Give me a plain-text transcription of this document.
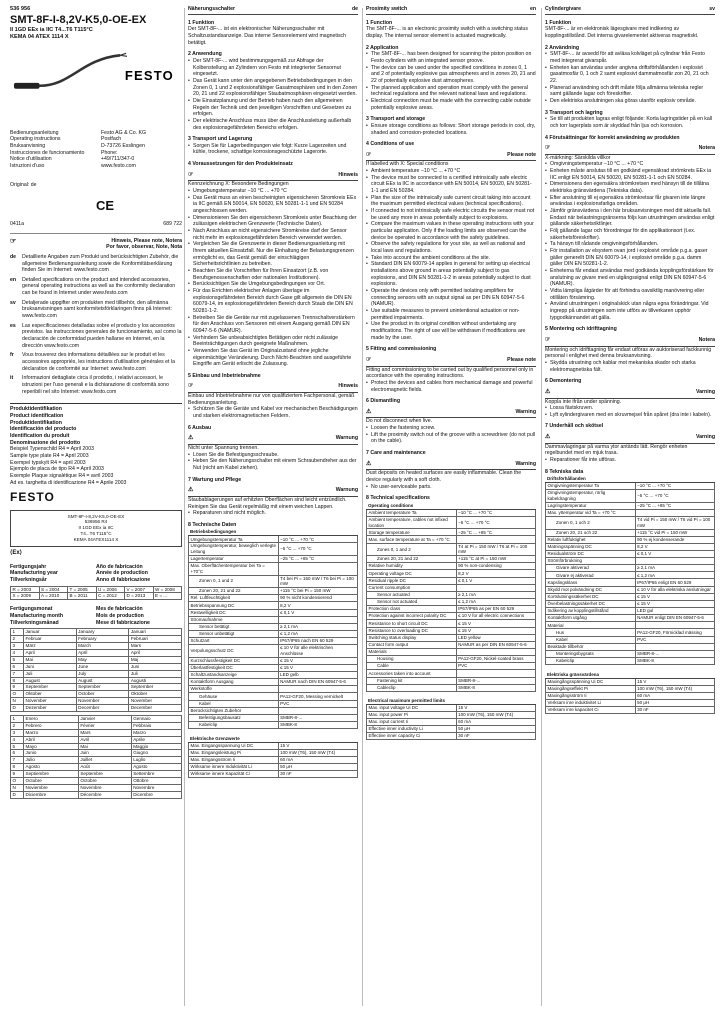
536 956
SMT-8F-I-8,2V-K5,0-OE-EX
II 1GD EEx ia IIC T4...T6 T115°C
KEMA 04 ATEX 1114 X
FESTO
Bedienungsanleitung
Operating instructions
Bruksanvisning
Instrucciones de funcionamiento
Notice d'utilisation
Istruzioni d'uso
Festo AG & Co. KG
Postfach
D-73726 Esslingen
Phone:
+49/711/347-0
www.festo.com
Original: de
CE
0411a	689 722
☞	Hinweis, Please note, Notera
Por favor, observar, Note, Nota
de	Detaillierte Angaben zum Produkt und berücksichtigten Zubehör, die allgemeine Bedienungsanleitung sowie die Konformitätserklärung finden Sie im Internet: www.festo.com
en	Detailed specifications on the product and intended accessories, general operating instructions as well as the conformity declaration can be found in Internet under www.festo.com
sv	Detaljerade uppgifter om produkten med tillbehör, den allmänna bruksanvisningen samt konformitetsförklaringen finns på Internet: www.festo.com
es	Las especificaciones detalladas sobre el producto y los accesorios previstos. las instrucciones generales de funcionamiento, así como la declaración de conformidad pueden hallarse en Internet, en la dirección www.festo.com
fr	Vous trouverez des informations détaillées sur le produit et les accessoires appropriés, les instructions d'utilisation générales et la déclaration de conformité sur Internet: www.festo.com
it	Informazioni dettagliate circa il prodotto, i relativi accessori, le istruzioni per l'uso generali e la dichiarazione di conformità sono reperibili nel sito Internet: www.festo.com
Produktidentifikation
Product identification
Produktidentifikation
Identificación del producto
Identification du produit
Denominazione del prodotto
Beispiel Typenschild R4 = April 2003
Sample type plate R4 = April 2003
Exempel typskylt R4 = april 2003
Ejemplo de placa de tipo R4 = April 2003
Exemple Plaque signalétique R4 = avril 2003
Ad es. targhetta di identificazione R4 = Aprile 2003
FESTO
SMT-8F-I-8,2V-K5,0-OE-EX
536956 R4
II 1GD EEx ia IIC
T4...T6 T115°C
KEMA 04ATEX1114 X
⟨Ex⟩
Fertigungsjahr
Manufacturing year
Tillverkningsår
Año de fabricación
Année de production
Anno di fabbricazione
R = 2003	S = 2004	T = 2005	U = 2006	V = 2007	W = 2008
X = 2009	A = 2010	B = 2011	C = 2012	D = 2013	E = ...
Fertigungsmonat
Manufacturing month
Tillverkningsmånad
Mes de fabricación
Mois de production
Mese di fabbricazione
1	Januar	January	Januari
2	Februar	February	Februari
3	März	March	Mars
4	April	April	April
5	Mai	May	Maj
6	Juni	June	Juni
7	Juli	July	Juli
8	August	August	Augusti
9	September	September	September
O	Oktober	October	Oktober
N	November	November	November
D	Dezember	December	December
1	Enero	Janvier	Gennaio
2	Febrero	Février	Febbraio
3	Marzo	Mars	Marzo
4	Abril	Avril	Aprile
5	Mayo	Mai	Maggio
6	Junio	Juin	Giugno
7	Julio	Juillet	Luglio
8	Agosto	Août	Agosto
9	Septiembre	Septembre	Settembre
O	Octubre	Octobre	Ottobre
N	Noviembre	Novembre	Novembre
D	Diciembre	Décembre	Dicembre
Näherungsschalter	de
1 Funktion
Der SMT-8F-... ist ein elektronischer Näherungsschalter mit Schaltzustandsanzeige. Das interne Sensorelement wird magnetisch betätigt.
2 Anwendung
• Der SMT-8F-... wird bestimmungsgemäß zur Abfrage der Kolbenstellung an Zylindern von Festo mit integrierter Sensornut eingesetzt.
• Das Gerät kann unter den angegebenen Betriebsbedingungen in den Zonen 0, 1 und 2 explosionsfähiger Gasatmosphären und in den Zonen 20, 21 und 22 explosionsfähiger Staubatmosphären eingesetzt werden.
• Die Einsatzplanung und der Betrieb haben nach den allgemeinen Regeln der Technik und den jeweiligen Vorschriften und Gesetzen zu erfolgen.
• Der elektrische Anschluss muss über die Anschlussleitung außerhalb des explosionsgefährdeten Bereichs erfolgen.
3 Transport und Lagerung
• Sorgen Sie für Lagerbedingungen wie folgt: Kurze Lagerzeiten und kühle, trockene, schattige korrosionsgeschützte Lagerorte.
4 Voraussetzungen für den Produkteinsatz
☞	Hinweis
Kennzeichnung X: Besondere Bedingungen
• Umgebungstemperatur −10 °C ... +70 °C
• Das Gerät muss an einen bescheinigten eigensicheren Stromkreis EEx ia IIC gemäß EN 50014, EN 50020, EN 50281-1-1 und EN 50284 angeschlossen werden.
• Dimensionieren Sie den eigensicheren Stromkreis unter Beachtung der zulässigen elektrischen Grenzwerte (Technische Daten).
• Nach Anschluss an nicht eigensichere Stromkreise darf der Sensor nicht mehr im explosionsgefährdeten Bereich verwendet werden.
• Vergleichen Sie die Grenzwerte in dieser Bedienungsanleitung mit Ihrem aktuellen Einsatzfall. Nur die Einhaltung der Belastungsgrenzen ermöglicht es, das Gerät gemäß der einschlägigen Sicherheitsrichtlinien zu betreiben.
• Beachten Sie die Vorschriften für Ihren Einsatzort (z.B. von Berufsgenossenschaften oder nationalen Institutionen).
• Berücksichtigen Sie die Umgebungsbedingungen vor Ort.
• Für das Errichten elektrischer Anlagen überlage im explosionsgefährdeten Bereich durch Gase gilt allgemein die DIN EN 60079-14, im explosionsgefährdeten Bereich durch Staub die DIN EN 50281-1-2.
• Betreiben Sie die Geräte nur mit zugelassenen Trennschaltverstärkern für den Anschluss von Sensoren mit einem Ausgang gemäß DIN EN 60947-5-6 (NAMUR).
• Verhindern Sie unbeabsichtigtes Betätigen oder nicht zulässige Beeinträchtigungen durch geeignete Maßnahmen.
• Verwenden Sie das Gerät im Originalzustand ohne jegliche eigenmächtige Veränderung. Durch Nicht-Beachten sind ausgeführte Eingriffe am Gerät erlischt die Zulassung.
5 Einbau und Inbetriebnahme
☞	Hinweis
Einbau und Inbetriebnahme nur von qualifiziertem Fachpersonal, gemäß Bedienungsanleitung.
• Schützen Sie die Geräte und Kabel vor mechanischen Beschädigungen und starken elektromagnetischen Feldern.
6 Ausbau
⚠	Warnung
Nicht unter Spannung trennen.
• Lösen Sie die Befestigungsschraube.
• Heben Sie den Näherungsschalter mit einem Schraubendreher aus der Nut (nicht am Kabel ziehen).
7 Wartung und Pflege
⚠	Warnung
Staubablagerungen auf erhitzten Oberflächen sind leicht entzündlich. Reinigen Sie das Gerät regelmäßig mit einem weichen Lappen.
• Reparaturen sind nicht möglich.
8 Technische Daten
Betriebsbedingungen	
Umgebungstemperatur Ta	−10 °C ... +70 °C
Umgebungstemperatur, beweglich verlegte Leitung	−5 °C ... +70 °C
Lagertemperatur	−25 °C ... +85 °C
Max. Oberflächentemperatur bei Ta = +70°C	
Zonen 0, 1 und 2	T4 bei Pi = 150 mW / T6 bei Pi = 100 mW
Zonen 20, 21 und 22	+115 °C bei Pi = 150 mW
Rel. Luftfeuchtigkeit	90 % nicht kondensierend
Betriebsspannung DC	8,2 V
Restwelligkeit DC	≤ 0,1 V
Stromaufnahme	
Sensor betätigt	≥ 2,1 mA
Sensor unbetätigt	≤ 1,2 mA
Schutzart	IP67/IP65 nach EN 60 529
Verpolungsschutz DC	≤ 10 V für alle elektrischen Anschlüsse
Kurzschlussfestigkeit DC	≤ 15 V
Überlastfestigkeit DC	≤ 15 V
Schaltzustandsanzeige	LED gelb
Kontaktform Ausgang	NAMUR nach DIN EN 60947-5-6
Werkstoffe	
Gehäuse	PA12-GF20, Messing vernickelt
Kabel	PVC
Berücksichtigtes Zubehör	
Befestigungsbausatz	SMBR-8-...
Kabelclip	SMBK-8
Elektrische Grenzwerte	
Max. Eingangsspannung Ui DC	15 V
Max. Eingangsleistung Pi	100 mW (T6), 150 mW (T4)
Max. Eingangsstrom Ii	60 mA
Wirksame innere Induktivität Li	50 μH
Wirksame innere Kapazität Ci	30 nF
Proximity switch	en
1 Function
The SMT-8F-... is an electronic proximity switch with a switching status display. The internal sensor element is actuated magnetically.
2 Application
• The SMT-8F-... has been designed for scanning the piston position on Festo cylinders with an integrated sensor groove.
• The device can be used under the specified conditions in zones 0, 1 and 2 of potentially explosive gas atmospheres and in zones 20, 21 and 22 of potentially explosive dust atmospheres.
• The planned application and operation must comply with the general technical regulations and the relevant national laws and regulations.
• Electrical connection must be made with the connecting cable outside potentially explosive areas.
3 Transport and storage
• Ensure storage conditions as follows: Short storage periods in cool, dry, shaded and corrosion-protected locations.
4 Conditions of use
☞	Please note
If labelled with X: Special conditions
• Ambient temperature −10 °C ... +70 °C
• The device must be connected to a certified intrinsically safe electric circuit EEx ia IIC in accordance with EN 50014, EN 50020, EN 50281-1-1 and EN 50284.
• Plan the size of the intrinsically safe current circuit taking into account the maximum permitted electrical values (technical specifications).
• If connected to not intrinsically safe electric circuits the sensor must not be used any more in areas potentially subject to explosions.
• Compare the maximum values in these operating instructions with your particular application. Only if the loading limits are observed can the device be operated in accordance with the safety guidelines.
• Observe the safety regulations for your site, as well as national and local laws and regulations.
• Take into account the ambient conditions at the site.
• Standard DIN EN 60079-14 applies in general for setting up electrical installations above ground in areas potentially subject to gas explosions, and DIN EN 50281-1-2 in areas potentially subject to dust explosions.
• Operate the devices only with permitted isolating amplifiers for connecting sensors with an output signal as per DIN EN 60947-5-6 (NAMUR).
• Use suitable measures to prevent unintentional actuation or non-permitted impairments.
• Use the product in its original condition without undertaking any modifications. The right of use will be withdrawn if modifications are made by the user.
5 Fitting and commissioning
☞	Please note
Fitting and commissioning to be carried out by qualified personnel only in accordance with the operating instructions.
• Protect the devices and cables from mechanical damage and powerful electromagnetic fields.
6 Dismantling
⚠	Warning
Do not disconnect when live.
• Loosen the fastening screw.
• Lift the proximity switch out of the groove with a screwdriver (do not pull on the cable).
7 Care and maintenance
⚠	Warning
Dust deposits on heated surfaces are easily inflammable. Clean the device regularly with a soft cloth.
• No user-serviceable parts.
8 Technical specifications
Operating conditions	
Ambient temperature Ta	−10 °C ... +70 °C
Ambient temperature, cables not infixed location	−5 °C ... +70 °C
Storage temperature	−25 °C ... +85 °C
Max. surface temperature at Ta = +70 °C	
Zones 0, 1 and 2	T4 at Pi = 150 mW / T6 at Pi = 100 mW
Zones 20, 21 and 22	+115 °C at Pi = 150 mW
Relative humidity	90 % non-condensing
Operating voltage DC	8,2 V
Residual ripple DC	≤ 0,1 V
Current consumption	
Sensor actuated	≥ 2,1 mA
Sensor not actuated	≤ 1,2 mA
Protection class	IP67/IP65 as per EN 60 529
Protection against incorrect polarity DC	≤ 10 V for all electric connections
Resistance to short circuit DC	≤ 15 V
Resistance to overloading DC	≤ 15 V
Switching status display	LED yellow
Contact form output	NAMUR as per DIN EN 60947-5-6
Materials	
Housing	PA12-GF20, Nickel-coated brass
Cable	PVC
Accessories taken into account	
Fastening kit	SMBR-8-...
Cableclip	SMBK-8
Electrical maximum permitted limits	
Max. input voltage Ui DC	15 V
Max. input power Pi	100 mW (T6), 150 mW (T4)
Max. input current Ii	60 mA
Effective inner inductivity Li	50 μH
Effective inner capacity Ci	30 nF
Cylindergivare	sv
1 Funktion
SMT-8F-... är en elektronisk lägesgivare med indikering av kopplingstillstånd. Det interna givarelementet aktiveras magnetiskt.
2 Användning
• SMT-8F-... är avsedd för att avläsa kolvläget på cylindrar från Festo med integrerat givarspår.
• Enheten kan användas under angivna driftsförhållanden i explosivt gasatmosfär 0, 1 och 2 samt explosivt dammatmosfär zon 20, 21 och 22.
• Planerad användning och drift måste följa allmänna tekniska regler samt gällande lagar och föreskrifter.
• Den elektriska anslutningen ska göras utanför explosiv område.
3 Transport och lagring
• Se till att produkten lagras enligt följande: Korta lagringstider på en kall och torr lagerplats som är skyddad från ljus och korrosion.
4 Förutsättningar för korrekt användning av produkten
☞	Notera
X-märkning: Särskilda villkor
• Omgivningstemperatur −10 °C ... +70 °C
• Enheten måste anslutas till en godkänd egensäkrad strömkrets EEx ia IIC enligt EN 50014, EN 50020, EN 50281-1-1 och EN 50284.
• Dimensionera den egensäkra strömkretsen med hänsyn till de tillåtna elektriska gränsvärdena (Tekniska data).
• Efter anslutning till ej egensäkra strömkretsar får givaren inte längre användas i explosionsfarliga områden.
• Jämför gränsvärdena i den här bruksanvisningen med ditt aktuella fall. Endast när belastningsgränserna följs kan utrustningen användas enligt gällande säkerhetsriktlinjer.
• Följ gällande lagar och förordningar för din applikationsort (t.ex. säkerhetsföreskrifter).
• Ta hänsyn till rådande omgivningsförhållanden.
• För installation av elsystem ovan jord i explosivt område p.g.a. gaser gäller generellt DIN EN 60079-14, i explosivt område p.g.a. damm gäller DIN EN 50281-1-2.
• Enheterna får endast användas med godkända kopplingsförstärkare för anslutning av givare med en utgångssignal enligt DIN EN 60947-5-6 (NAMUR).
• Vidta lämpliga åtgärder för att förhindra oavsiktlig manövrering eller otillåten försämring.
• Använd utrustningen i originalskick utan några egna förändringar. Vid ingrepp på utrustningen som inte utförs av tillverkaren upphör typgodkännandet att gälla.
5 Montering och idrifttagning
☞	Notera
Montering och idrifttagning får endast utföras av auktoriserad fackkunnig personal i enlighet med denna bruksanvisning.
• Skydda utrustning och kablar mot mekaniska skador och starka elektromagnetiska fält.
6 Demontering
⚠	Varning
Koppla inte ifrån under spänning.
• Lossa fästskruven.
• Lyft sylindergivaren med en skruvmejsel från spåret (dra inte i kabeln).
7 Underhåll och skötsel
⚠	Varning
Dammavlagringar på varma ytor antänds lätt. Rengör enheten regelbundet med en mjuk trasa.
• Reparationer får inte utföras.
8 Tekniska data
Driftsförhållanden	
Omgivningstemperatur Ta	−10 °C ... +70 °C
Omgivningstemperatur, rörlig kabeldragning	−5 °C ... +70 °C
Lagringstemperatur	−25 °C ... +85 °C
Max. yttemperatur vid Ta = +70 °C	
Zonen 0, 1 och 2	T4 vid Pi = 150 mW / T6 vid Pi = 100 mW
Zonen 20, 21 och 22	+115 °C vid Pi = 150 mW
Relativ luftfuktighet	90 % ej kondenserande
Matningsspänning DC	8,2 V
Residualström DC	≤ 0,1 V
Strömförbrukning	
Givare aktiverad	≥ 2,1 mA
Givare ej aktiverad	≤ 1,2 mA
Kapslingsklass	IP67/IP65 enligt EN 60 529
Skydd mot polvändning DC	≤ 10 V för alla elektriska anslutningar
Kortslutningssäkerhet DC	≤ 15 V
Överbelastningssäkerhet DC	≤ 15 V
Indikering av kopplingstillstånd	LED gul
Kontaktform utgång	NAMUR enligt DIN EN 60947-5-6
Material	
Hus	PA12-GF20, Förnicklad mässing
Kabel	PVC
Beaktade tillbehör	
Monteringsbygsats	SMBR-8-...
Kabelclip	SMBK-8
Elektriska gränsvärdena	
Maxingångsspänning Ui DC	15 V
Maxingångseffekt Pi	100 mW (T6), 150 mW (T4)
Maxingångsström Ii	60 mA
Verksam inre induktivitet Li	50 μH
Verksam inre kapacitet Ci	30 nF
